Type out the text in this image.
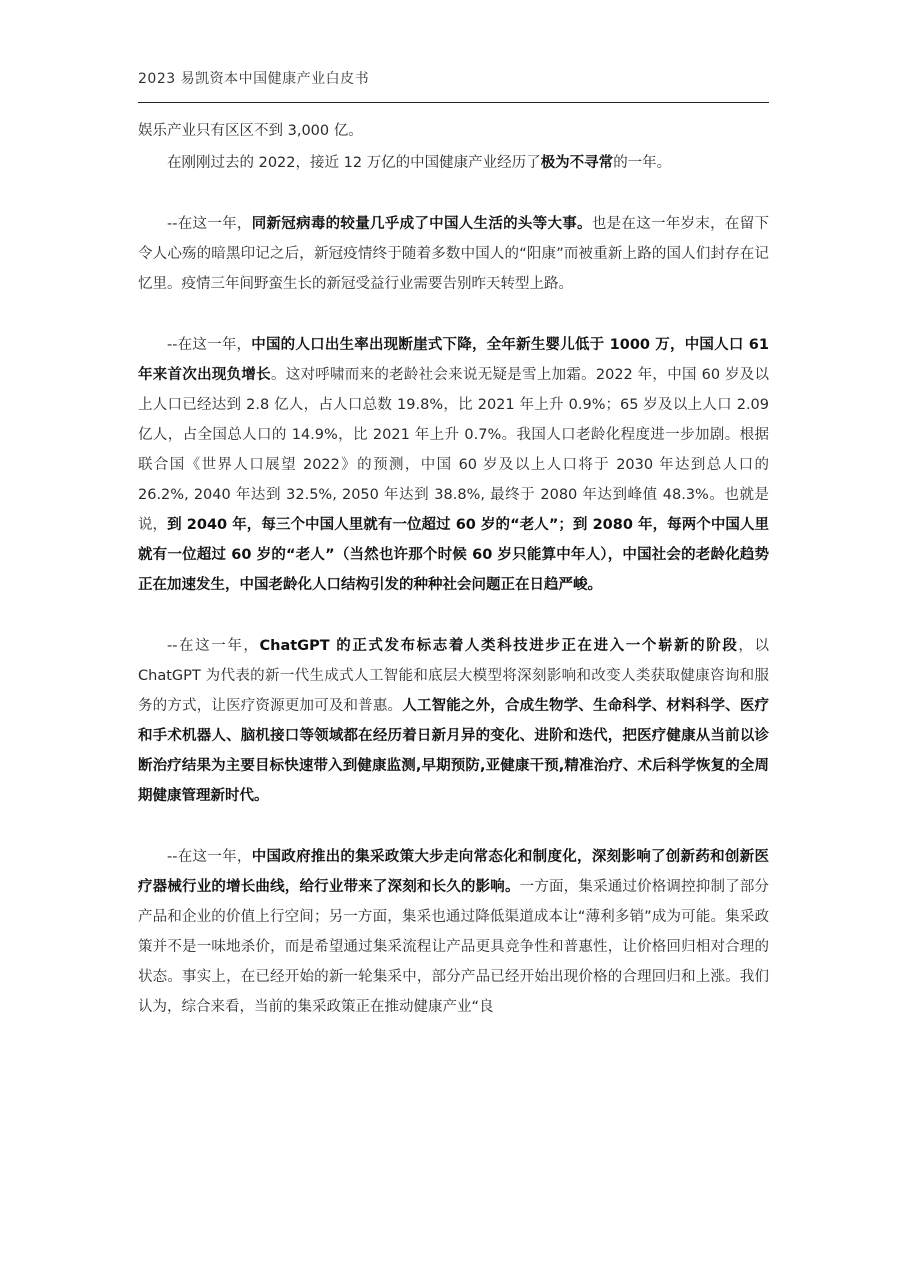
2023 易凯资本中国健康产业白皮书

娱乐产业只有区区不到 3,000 亿。

在刚刚过去的 2022，接近 12 万亿的中国健康产业经历了极为不寻常的一年。

--在这一年，同新冠病毒的较量几乎成了中国人生活的头等大事。也是在这一年岁末，在留下令人心殇的暗黑印记之后，新冠疫情终于随着多数中国人的“阳康”而被重新上路的国人们封存在记忆里。疫情三年间野蛮生长的新冠受益行业需要告别昨天转型上路。

--在这一年，中国的人口出生率出现断崖式下降，全年新生婴儿低于 1000 万，中国人口 61 年来首次出现负增长。这对呼啸而来的老龄社会来说无疑是雪上加霜。2022 年，中国 60 岁及以上人口已经达到 2.8 亿人，占人口总数 19.8%，比 2021 年上升 0.9%；65 岁及以上人口 2.09 亿人，占全国总人口的 14.9%，比 2021 年上升 0.7%。我国人口老龄化程度进一步加剧。根据联合国《世界人口展望 2022》的预测，中国 60 岁及以上人口将于 2030 年达到总人口的 26.2%, 2040 年达到 32.5%, 2050 年达到 38.8%, 最终于 2080 年达到峰值 48.3%。也就是说，到 2040 年，每三个中国人里就有一位超过 60 岁的“老人”；到 2080 年，每两个中国人里就有一位超过 60 岁的“老人”（当然也许那个时候 60 岁只能算中年人），中国社会的老龄化趋势正在加速发生，中国老龄化人口结构引发的种种社会问题正在日趋严峻。

--在这一年，ChatGPT 的正式发布标志着人类科技进步正在进入一个崭新的阶段，以 ChatGPT 为代表的新一代生成式人工智能和底层大模型将深刻影响和改变人类获取健康咨询和服务的方式，让医疗资源更加可及和普惠。人工智能之外，合成生物学、生命科学、材料科学、医疗和手术机器人、脑机接口等领域都在经历着日新月异的变化、进阶和迭代，把医疗健康从当前以诊断治疗结果为主要目标快速带入到健康监测,早期预防,亚健康干预,精准治疗、术后科学恢复的全周期健康管理新时代。

--在这一年，中国政府推出的集采政策大步走向常态化和制度化，深刻影响了创新药和创新医疗器械行业的增长曲线，给行业带来了深刻和长久的影响。一方面，集采通过价格调控抑制了部分产品和企业的价值上行空间；另一方面，集采也通过降低渠道成本让“薄利多销”成为可能。集采政策并不是一味地杀价，而是希望通过集采流程让产品更具竞争性和普惠性，让价格回归相对合理的状态。事实上，在已经开始的新一轮集采中，部分产品已经开始出现价格的合理回归和上涨。我们认为，综合来看，当前的集采政策正在推动健康产业“良
